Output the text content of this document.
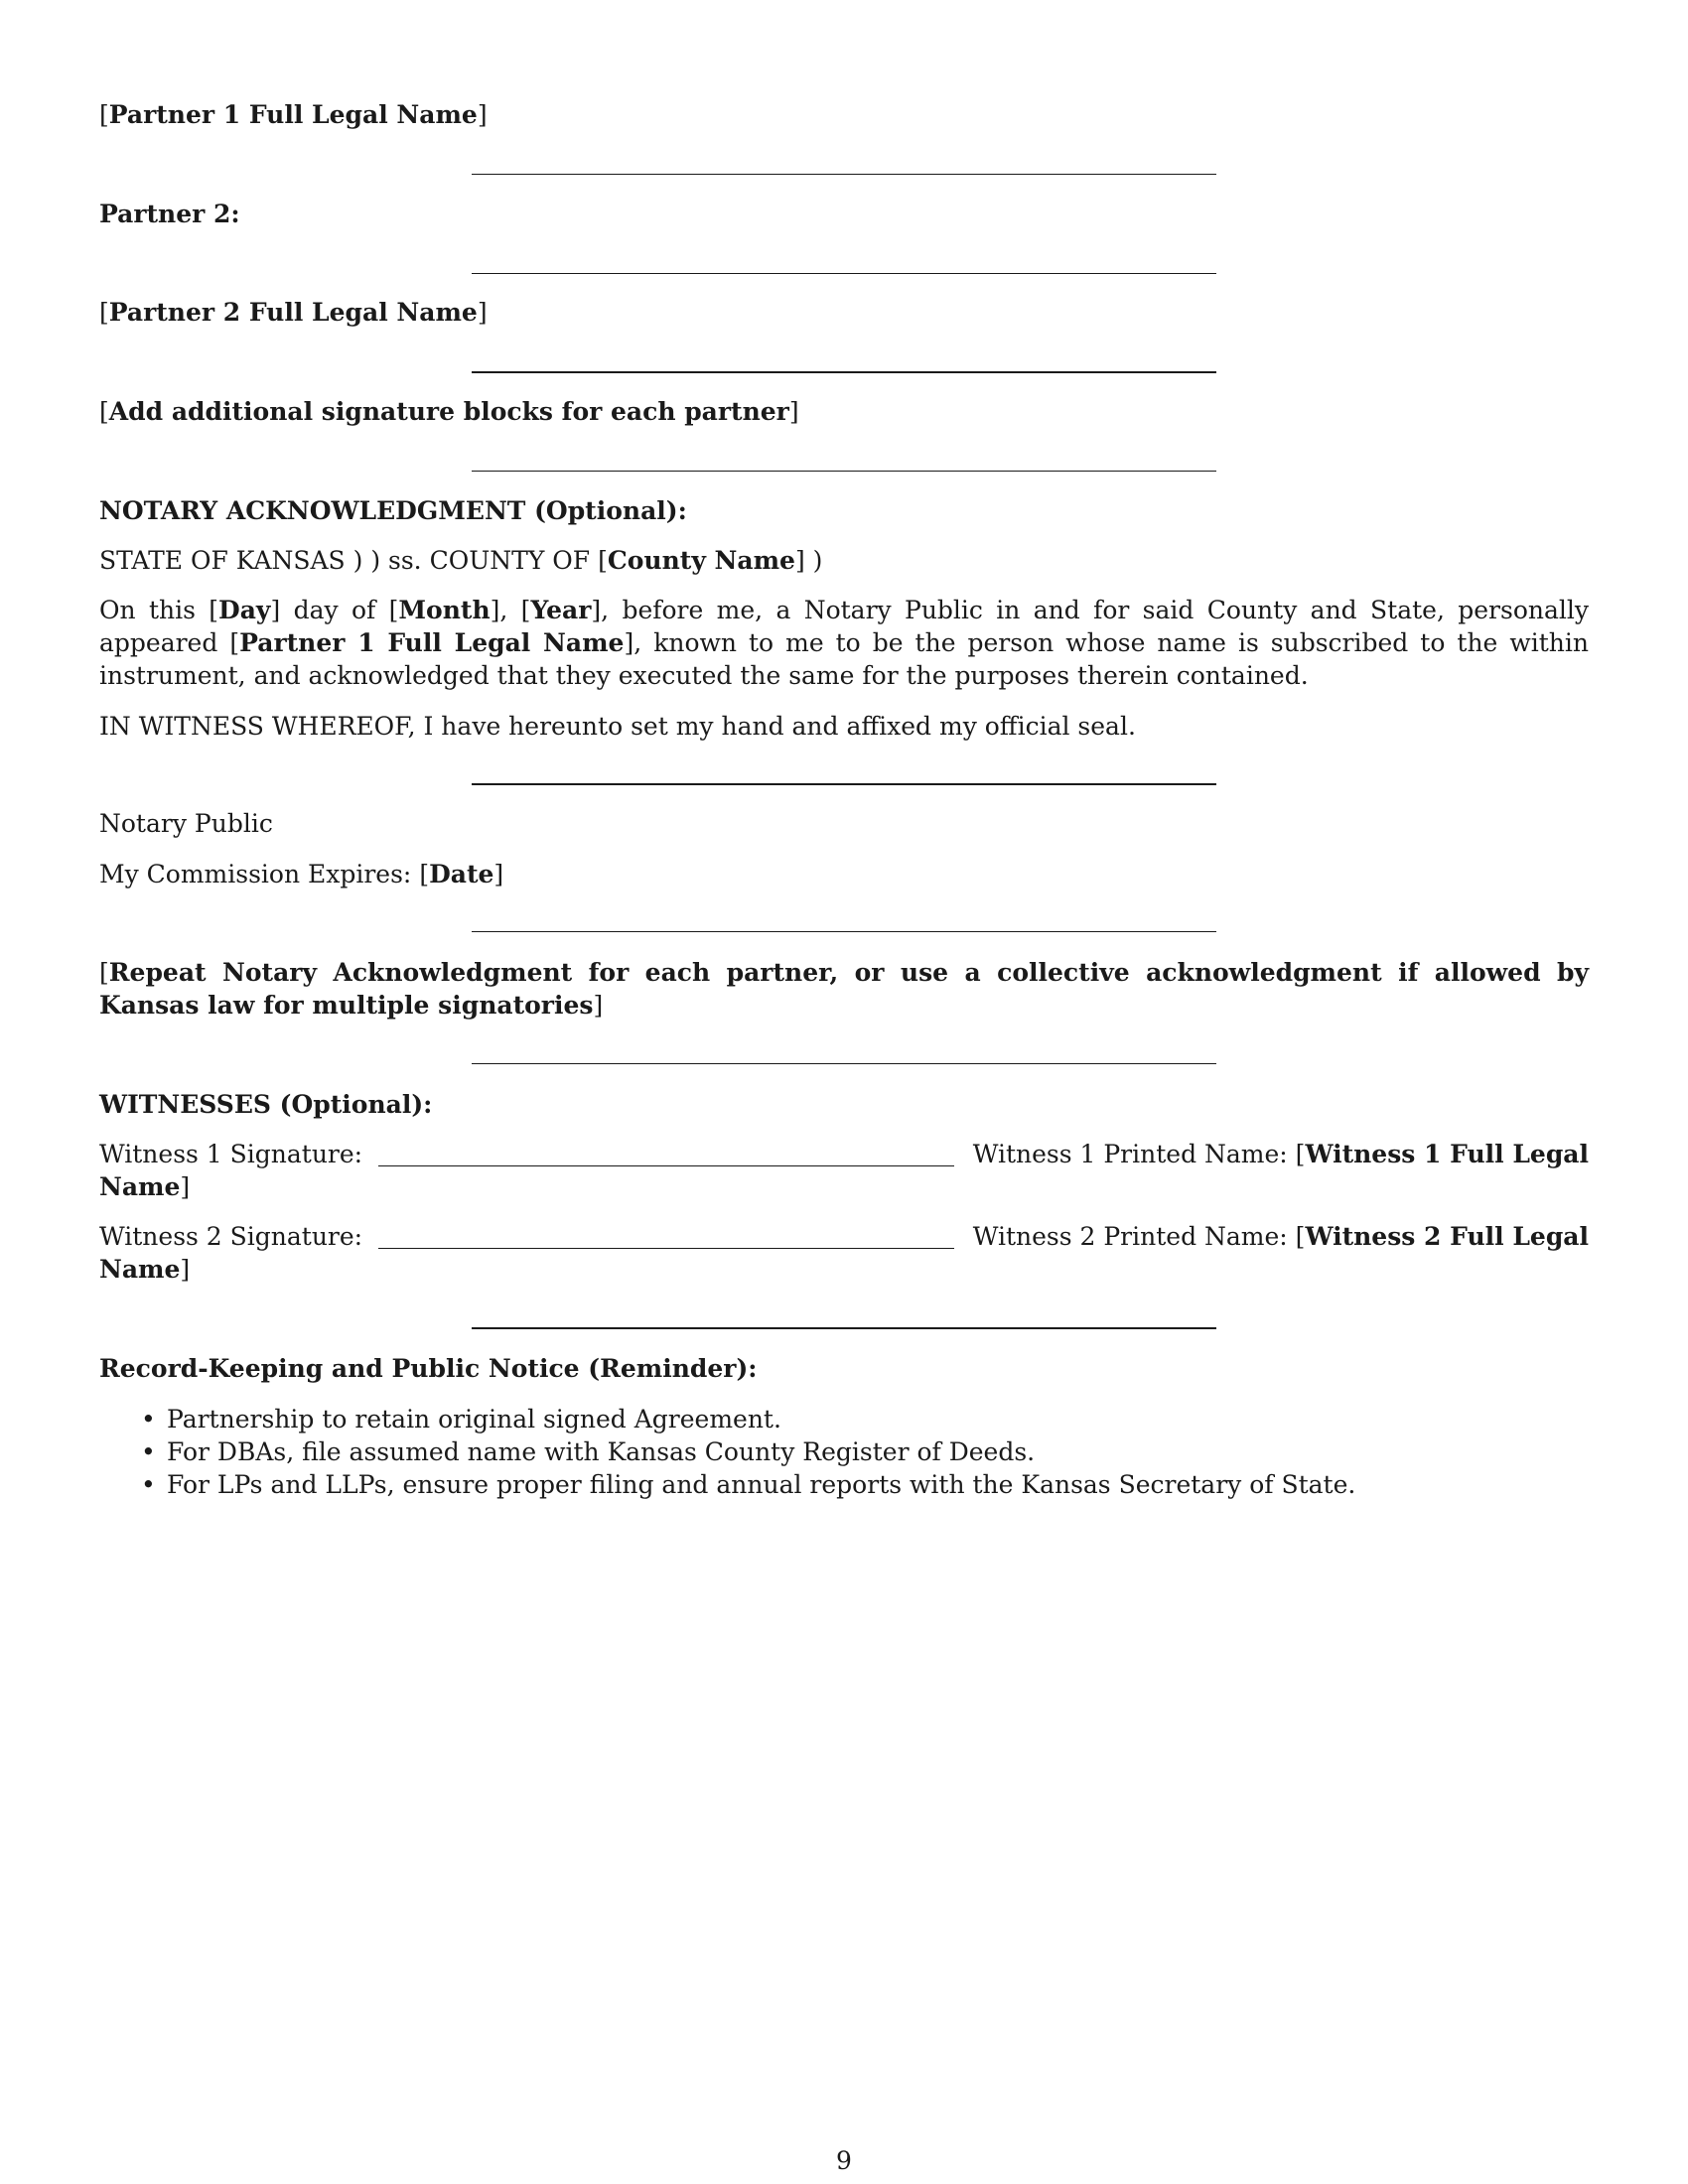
[Partner 1 Full Legal Name]

Partner 2:

[Partner 2 Full Legal Name]

[Add additional signature blocks for each partner]

NOTARY ACKNOWLEDGMENT (Optional):

STATE OF KANSAS ) ) ss. COUNTY OF [County Name] )

On this [Day] day of [Month], [Year], before me, a Notary Public in and for said County and State, personally appeared [Partner 1 Full Legal Name], known to me to be the person whose name is subscribed to the within instrument, and acknowledged that they executed the same for the purposes therein contained.

IN WITNESS WHEREOF, I have hereunto set my hand and affixed my official seal.

Notary Public

My Commission Expires: [Date]

[Repeat Notary Acknowledgment for each partner, or use a collective acknowledgment if allowed by Kansas law for multiple signatories]

WITNESSES (Optional):

Witness 1 Signature:	Witness 1 Printed Name: [Witness 1 Full Legal
Name]
Witness 2 Signature:	Witness 2 Printed Name: [Witness 2 Full Legal
Name]

Record-Keeping and Public Notice (Reminder):

• Partnership to retain original signed Agreement.
• For DBAs, file assumed name with Kansas County Register of Deeds.
• For LPs and LLPs, ensure proper filing and annual reports with the Kansas Secretary of State.
9
